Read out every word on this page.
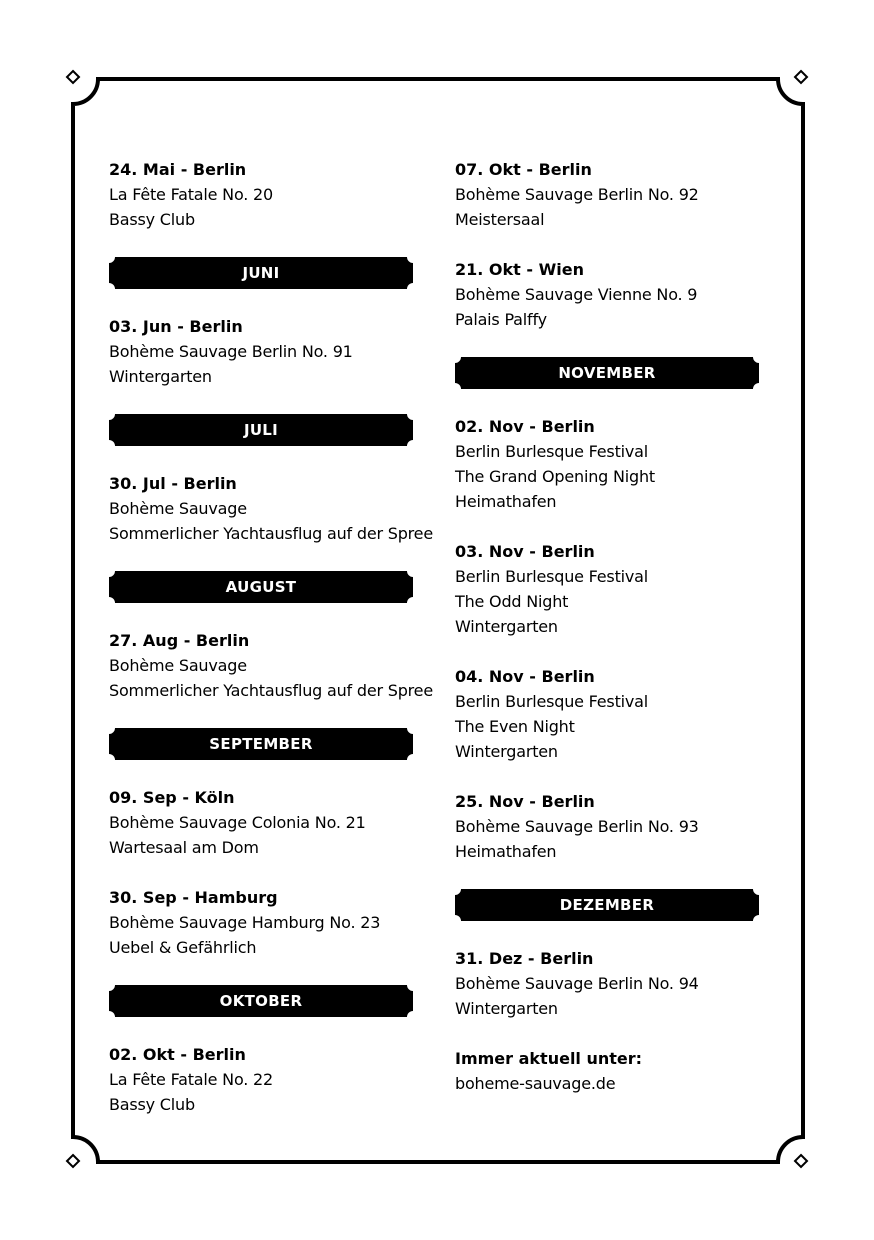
24. Mai - Berlin
La Fête Fatale No. 20
Bassy Club
JUNI
03. Jun - Berlin
Bohème Sauvage Berlin No. 91
Wintergarten
JULI
30. Jul - Berlin
Bohème Sauvage
Sommerlicher Yachtausflug auf der Spree
AUGUST
27. Aug - Berlin
Bohème Sauvage
Sommerlicher Yachtausflug auf der Spree
SEPTEMBER
09. Sep - Köln
Bohème Sauvage Colonia No. 21
Wartesaal am Dom
30. Sep - Hamburg
Bohème Sauvage Hamburg No. 23
Uebel & Gefährlich
OKTOBER
02. Okt - Berlin
La Fête Fatale No. 22
Bassy Club
07. Okt - Berlin
Bohème Sauvage Berlin No. 92
Meistersaal
21. Okt - Wien
Bohème Sauvage Vienne No. 9
Palais Palffy
NOVEMBER
02. Nov - Berlin
Berlin Burlesque Festival
The Grand Opening Night
Heimathafen
03. Nov - Berlin
Berlin Burlesque Festival
The Odd Night
Wintergarten
04. Nov - Berlin
Berlin Burlesque Festival
The Even Night
Wintergarten
25. Nov - Berlin
Bohème Sauvage Berlin No. 93
Heimathafen
DEZEMBER
31. Dez - Berlin
Bohème Sauvage Berlin No. 94
Wintergarten
Immer aktuell unter:
boheme-sauvage.de
